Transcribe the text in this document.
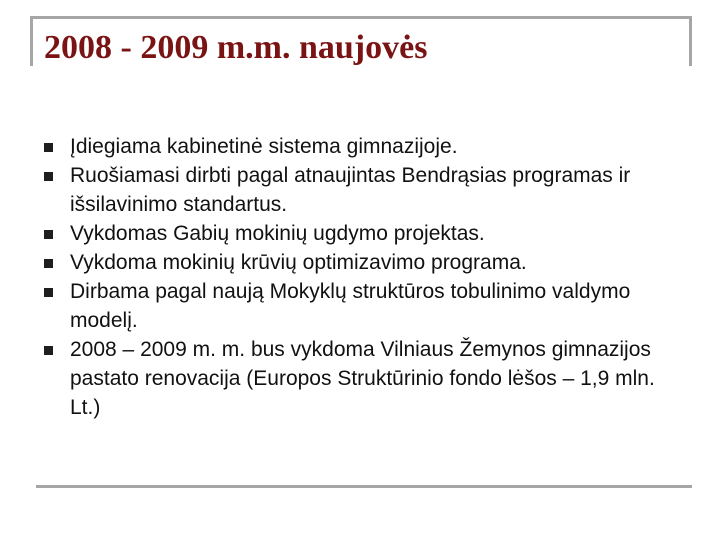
2008 - 2009 m.m. naujovės
Įdiegiama kabinetinė sistema gimnazijoje.
Ruošiamasi dirbti pagal atnaujintas Bendrąsias programas ir išsilavinimo standartus.
Vykdomas Gabių mokinių ugdymo projektas.
Vykdoma mokinių krūvių optimizavimo programa.
Dirbama pagal naują Mokyklų struktūros tobulinimo valdymo modelį.
2008 – 2009 m. m. bus vykdoma Vilniaus Žemynos gimnazijos pastato renovacija (Europos Struktūrinio fondo lėšos – 1,9 mln. Lt.)
